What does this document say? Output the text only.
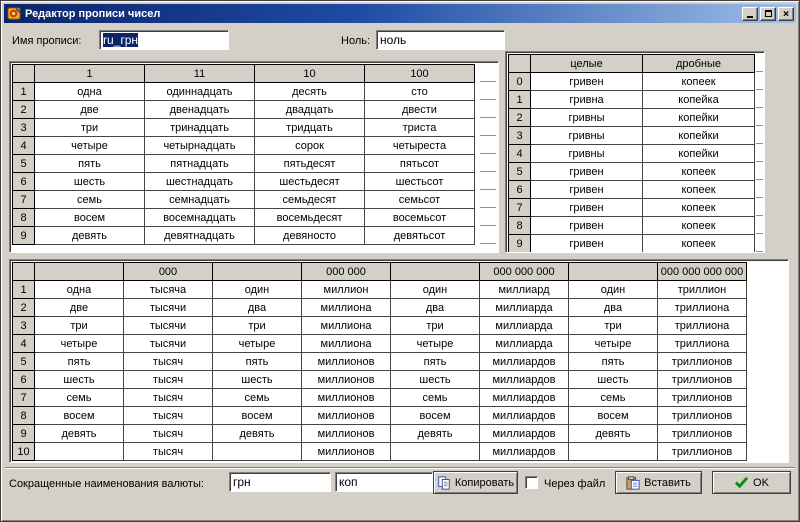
Редактор прописи чисел	×
Имя прописи:	ru_грн	Ноль:
ноль
	1	11	10	100
1	одна	одиннадцать	десять	сто
2	две	двенадцать	двадцать	двести
3	три	тринадцать	тридцать	триста
4	четыре	четырнадцать	сорок	четыреста
5	пять	пятнадцать	пятьдесят	пятьсот
6	шесть	шестнадцать	шестьдесят	шестьсот
7	семь	семнадцать	семьдесят	семьсот
8	восем	восемнадцать	восемьдесят	восемьсот
9	девять	девятнадцать	девяносто	девятьсот
	целые	дробные
0	гривен	копеек
1	гривна	копейка
2	гривны	копейки
3	гривны	копейки
4	гривны	копейки
5	гривен	копеек
6	гривен	копеек
7	гривен	копеек
8	гривен	копеек
9	гривен	копеек
		000		000 000		000 000 000		000 000 000 000
1	одна	тысяча	один	миллион	один	миллиард	один	триллион
2	две	тысячи	два	миллиона	два	миллиарда	два	триллиона
3	три	тысячи	три	миллиона	три	миллиарда	три	триллиона
4	четыре	тысячи	четыре	миллиона	четыре	миллиарда	четыре	триллиона
5	пять	тысяч	пять	миллионов	пять	миллиардов	пять	триллионов
6	шесть	тысяч	шесть	миллионов	шесть	миллиардов	шесть	триллионов
7	семь	тысяч	семь	миллионов	семь	миллиардов	семь	триллионов
8	восем	тысяч	восем	миллионов	восем	миллиардов	восем	триллионов
9	девять	тысяч	девять	миллионов	девять	миллиардов	девять	триллионов
10		тысяч		миллионов		миллиардов		триллионов
Сокращенные наименования валюты:
грн
коп	Копировать	Через файл	Вставить	OK
